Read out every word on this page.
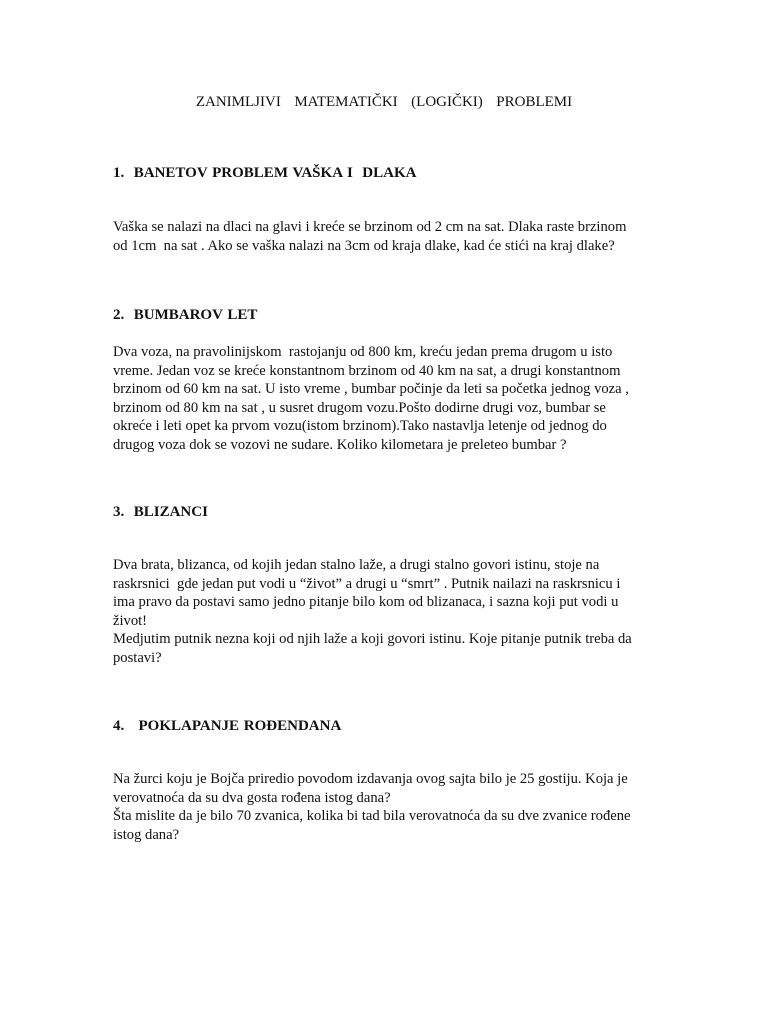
ZANIMLJIVI  MATEMATIČKI  (LOGIČKI)  PROBLEMI
1.  BANETOV PROBLEM VAŠKA I  DLAKA
Vaška se nalazi na dlaci na glavi i kreće se brzinom od 2 cm na sat. Dlaka raste brzinom
od 1cm  na sat . Ako se vaška nalazi na 3cm od kraja dlake, kad će stići na kraj dlake?
2.  BUMBAROV LET
Dva voza, na pravolinijskom  rastojanju od 800 km, kreću jedan prema drugom u isto
vreme. Jedan voz se kreće konstantnom brzinom od 40 km na sat, a drugi konstantnom
brzinom od 60 km na sat. U isto vreme , bumbar počinje da leti sa početka jednog voza ,
brzinom od 80 km na sat , u susret drugom vozu.Pošto dodirne drugi voz, bumbar se
okreće i leti opet ka prvom vozu(istom brzinom).Tako nastavlja letenje od jednog do
drugog voza dok se vozovi ne sudare. Koliko kilometara je preleteo bumbar ?
3.  BLIZANCI
Dva brata, blizanca, od kojih jedan stalno laže, a drugi stalno govori istinu, stoje na
raskrsnici  gde jedan put vodi u “život” a drugi u “smrt” . Putnik nailazi na raskrsnicu i
ima pravo da postavi samo jedno pitanje bilo kom od blizanaca, i sazna koji put vodi u
život!
Medjutim putnik nezna koji od njih laže a koji govori istinu. Koje pitanje putnik treba da
postavi?
4.   POKLAPANJE ROĐENDANA
Na žurci koju je Bojča priredio povodom izdavanja ovog sajta bilo je 25 gostiju. Koja je
verovatnoća da su dva gosta rođena istog dana?
Šta mislite da je bilo 70 zvanica, kolika bi tad bila verovatnoća da su dve zvanice rođene
istog dana?
